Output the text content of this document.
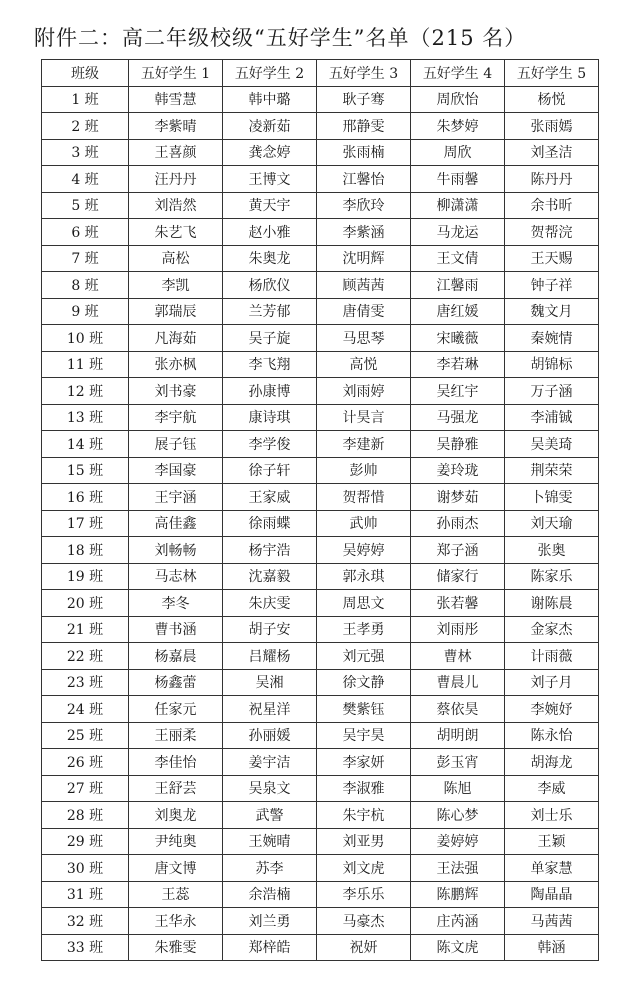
附件二：高二年级校级“五好学生”名单（215 名）
班级	五好学生 1	五好学生 2	五好学生 3	五好学生 4	五好学生 5
1 班	韩雪慧	韩中璐	耿子骞	周欣怡	杨悦
2 班	李紫晴	凌新茹	邢静雯	朱梦婷	张雨嫣
3 班	王喜颜	龚念婷	张雨楠	周欣	刘圣洁
4 班	汪丹丹	王博文	江馨怡	牛雨馨	陈丹丹
5 班	刘浩然	黄天宇	李欣玲	柳潇潇	余书昕
6 班	朱艺飞	赵小雅	李紫涵	马龙运	贺帮浣
7 班	高松	朱奥龙	沈明辉	王文倩	王天赐
8 班	李凯	杨欣仪	顾茜茜	江馨雨	钟子祥
9 班	郭瑞辰	兰芳郁	唐倩雯	唐红媛	魏文月
10 班	凡海茹	吴子旋	马思琴	宋曦薇	秦婉情
11 班	张亦枫	李飞翔	高悦	李若琳	胡锦标
12 班	刘书豪	孙康博	刘雨婷	吴红宇	万子涵
13 班	李宇航	康诗琪	计昊言	马强龙	李浦铖
14 班	展子钰	李学俊	李建新	吴静雅	吴美琦
15 班	李国豪	徐子轩	彭帅	姜玲珑	荆荣荣
16 班	王宇涵	王家威	贺帮惜	谢梦茹	卜锦雯
17 班	高佳鑫	徐雨蝶	武帅	孙雨杰	刘天瑜
18 班	刘畅畅	杨宇浩	吴婷婷	郑子涵	张奥
19 班	马志林	沈嘉毅	郭永琪	储家行	陈家乐
20 班	李冬	朱庆雯	周思文	张若馨	谢陈晨
21 班	曹书涵	胡子安	王孝勇	刘雨彤	金家杰
22 班	杨嘉晨	吕耀杨	刘元强	曹林	计雨薇
23 班	杨鑫蕾	吴湘	徐文静	曹晨儿	刘子月
24 班	任家元	祝星洋	樊紫钰	蔡依昊	李婉妤
25 班	王丽柔	孙丽媛	吴宇昊	胡明朗	陈永怡
26 班	李佳怡	姜宇洁	李家妍	彭玉宵	胡海龙
27 班	王舒芸	吴泉文	李淑雅	陈旭	李威
28 班	刘奥龙	武警	朱宇杭	陈心梦	刘士乐
29 班	尹纯奥	王婉晴	刘亚男	姜婷婷	王颖
30 班	唐文博	苏李	刘文虎	王法强	单家慧
31 班	王蕊	余浩楠	李乐乐	陈鹏辉	陶晶晶
32 班	王华永	刘兰勇	马豪杰	庄芮涵	马茜茜
33 班	朱雅雯	郑梓皓	祝妍	陈文虎	韩涵
